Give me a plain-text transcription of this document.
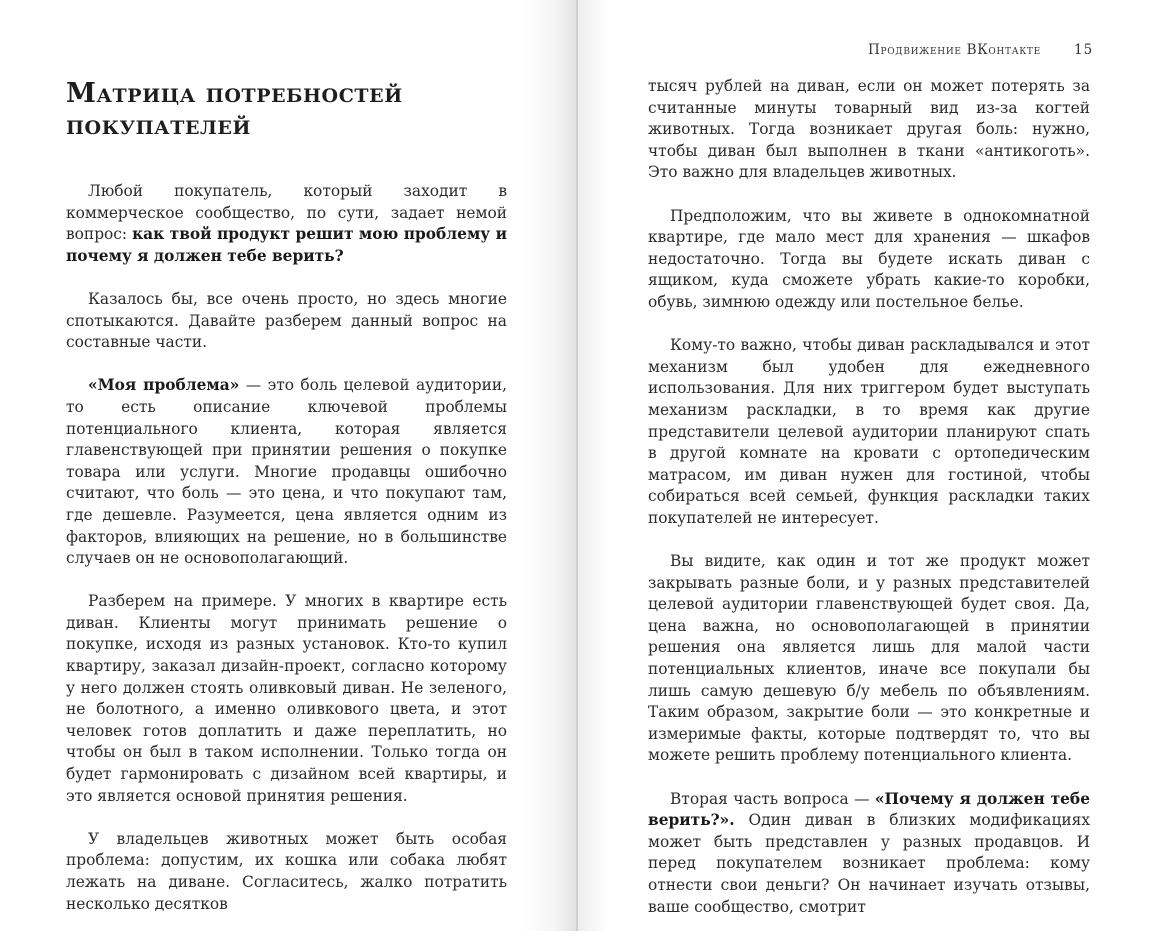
Матрица потребностей покупателей

Любой покупатель, который заходит в коммерческое сообщество, по сути, задает немой вопрос: как твой продукт решит мою проблему и почему я должен тебе верить?

Казалось бы, все очень просто, но здесь многие спотыкаются. Давайте разберем данный вопрос на составные части.

«Моя проблема» — это боль целевой аудитории, то есть описание ключевой проблемы потенциального клиента, которая является главенствующей при принятии решения о покупке товара или услуги. Многие продавцы ошибочно считают, что боль — это цена, и что покупают там, где дешевле. Разумеется, цена является одним из факторов, влияющих на решение, но в большинстве случаев он не основополагающий.

Разберем на примере. У многих в квартире есть диван. Клиенты могут принимать решение о покупке, исходя из разных установок. Кто-то купил квартиру, заказал дизайн-проект, согласно которому у него должен стоять оливковый диван. Не зеленого, не болотного, а именно оливкового цвета, и этот человек готов доплатить и даже переплатить, но чтобы он был в таком исполнении. Только тогда он будет гармонировать с дизайном всей квартиры, и это является основой принятия решения.

У владельцев животных может быть особая проблема: допустим, их кошка или собака любят лежать на диване. Согласитесь, жалко потратить несколько десятков

Продвижение ВКонтакте 15

тысяч рублей на диван, если он может потерять за считанные минуты товарный вид из-за когтей животных. Тогда возникает другая боль: нужно, чтобы диван был выполнен в ткани «антикоготь». Это важно для владельцев животных.

Предположим, что вы живете в однокомнатной квартире, где мало мест для хранения — шкафов недостаточно. Тогда вы будете искать диван с ящиком, куда сможете убрать какие-то коробки, обувь, зимнюю одежду или постельное белье.

Кому-то важно, чтобы диван раскладывался и этот механизм был удобен для ежедневного использования. Для них триггером будет выступать механизм раскладки, в то время как другие представители целевой аудитории планируют спать в другой комнате на кровати с ортопедическим матрасом, им диван нужен для гостиной, чтобы собираться всей семьей, функция раскладки таких покупателей не интересует.

Вы видите, как один и тот же продукт может закрывать разные боли, и у разных представителей целевой аудитории главенствующей будет своя. Да, цена важна, но основополагающей в принятии решения она является лишь для малой части потенциальных клиентов, иначе все покупали бы лишь самую дешевую б/у мебель по объявлениям. Таким образом, закрытие боли — это конкретные и измеримые факты, которые подтвердят то, что вы можете решить проблему потенциального клиента.

Вторая часть вопроса — «Почему я должен тебе верить?». Один диван в близких модификациях может быть представлен у разных продавцов. И перед покупателем возникает проблема: кому отнести свои деньги? Он начинает изучать отзывы, ваше сообщество, смотрит
